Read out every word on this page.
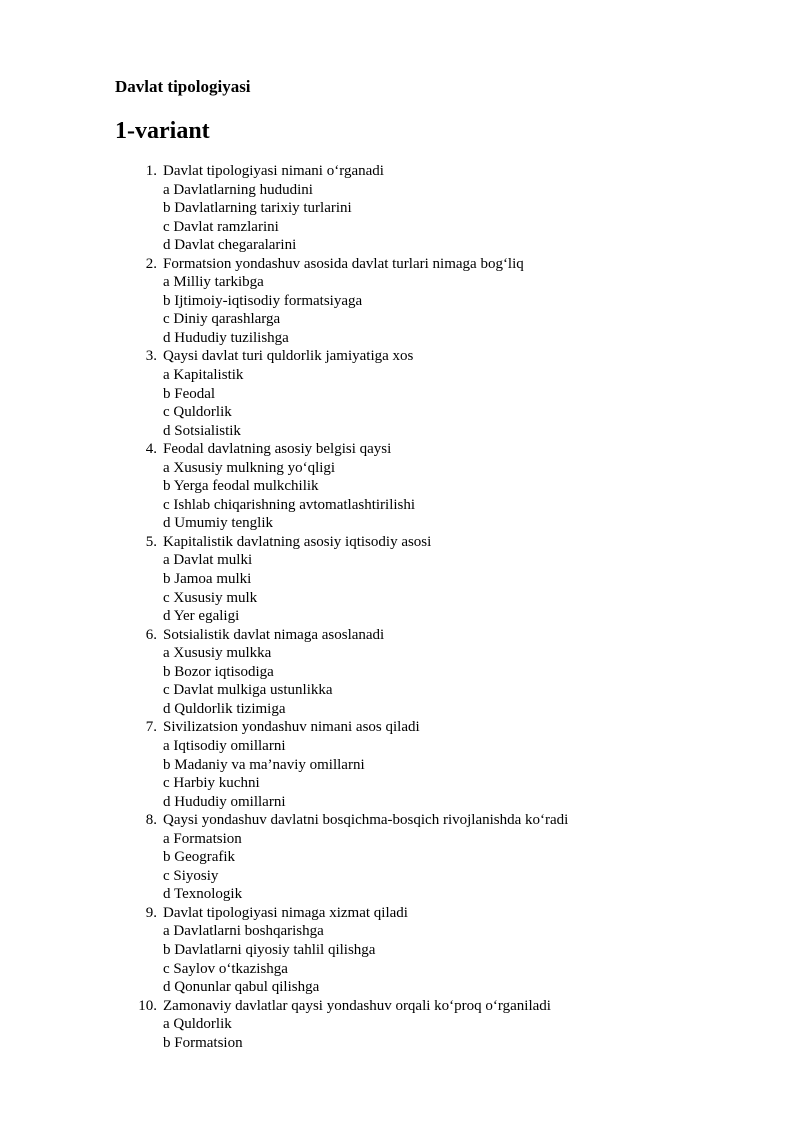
Davlat tipologiyasi
1-variant
1. Davlat tipologiyasi nimani o‘rganadi
a Davlatlarning hududini
b Davlatlarning tarixiy turlarini
c Davlat ramzlarini
d Davlat chegaralarini
2. Formatsion yondashuv asosida davlat turlari nimaga bog‘liq
a Milliy tarkibga
b Ijtimoiy-iqtisodiy formatsiyaga
c Diniy qarashlarga
d Hududiy tuzilishga
3. Qaysi davlat turi quldorlik jamiyatiga xos
a Kapitalistik
b Feodal
c Quldorlik
d Sotsialistik
4. Feodal davlatning asosiy belgisi qaysi
a Xususiy mulkning yo‘qligi
b Yerga feodal mulkchilik
c Ishlab chiqarishning avtomatlashtirilishi
d Umumiy tenglik
5. Kapitalistik davlatning asosiy iqtisodiy asosi
a Davlat mulki
b Jamoa mulki
c Xususiy mulk
d Yer egaligi
6. Sotsialistik davlat nimaga asoslanadi
a Xususiy mulkka
b Bozor iqtisodiga
c Davlat mulkiga ustunlikka
d Quldorlik tizimiga
7. Sivilizatsion yondashuv nimani asos qiladi
a Iqtisodiy omillarni
b Madaniy va ma’naviy omillarni
c Harbiy kuchni
d Hududiy omillarni
8. Qaysi yondashuv davlatni bosqichma-bosqich rivojlanishda ko‘radi
a Formatsion
b Geografik
c Siyosiy
d Texnologik
9. Davlat tipologiyasi nimaga xizmat qiladi
a Davlatlarni boshqarishga
b Davlatlarni qiyosiy tahlil qilishga
c Saylov o‘tkazishga
d Qonunlar qabul qilishga
10. Zamonaviy davlatlar qaysi yondashuv orqali ko‘proq o‘rganiladi
a Quldorlik
b Formatsion
